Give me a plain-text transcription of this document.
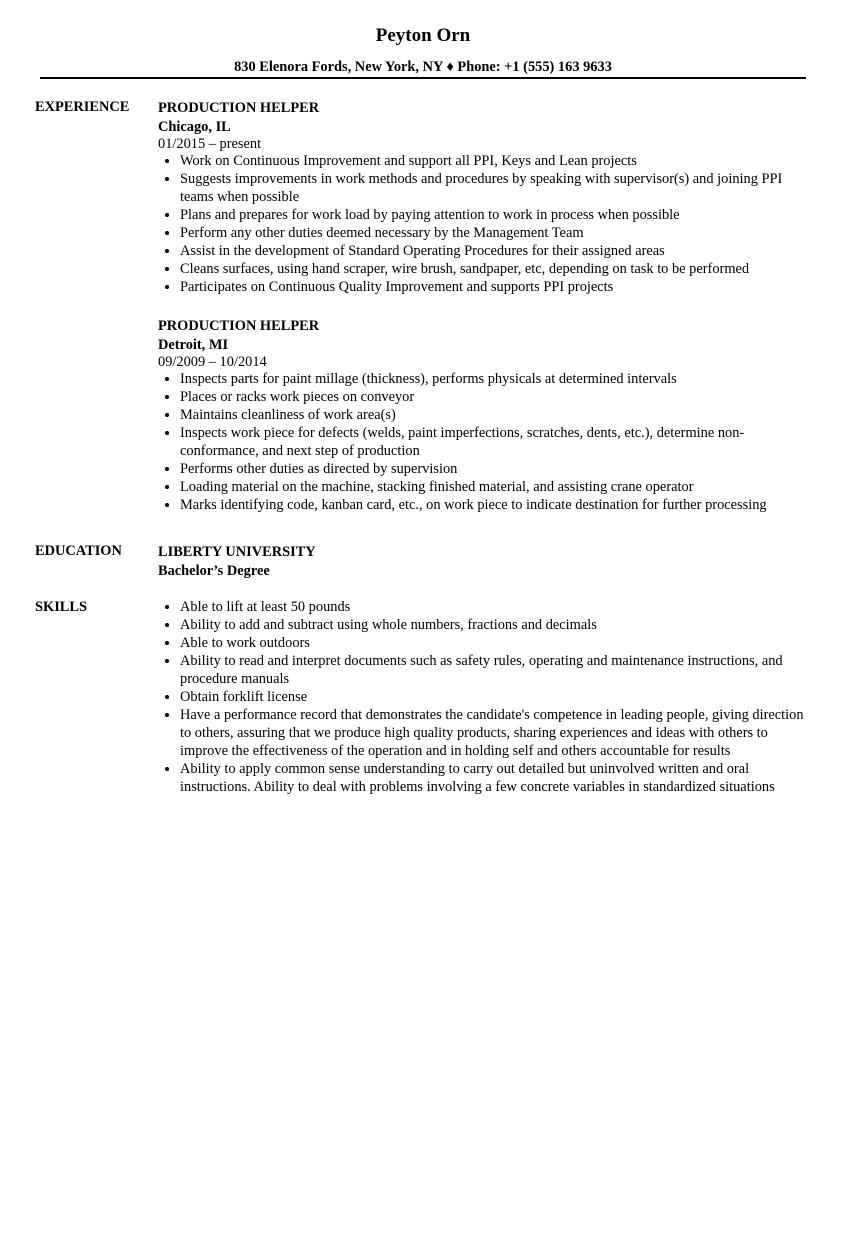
Peyton Orn
830 Elenora Fords, New York, NY ♦ Phone: +1 (555) 163 9633
EXPERIENCE	PRODUCTION HELPER
Chicago, IL
01/2015 – present
Work on Continuous Improvement and support all PPI, Keys and Lean projects
Suggests improvements in work methods and procedures by speaking with supervisor(s) and joining PPI teams when possible
Plans and prepares for work load by paying attention to work in process when possible
Perform any other duties deemed necessary by the Management Team
Assist in the development of Standard Operating Procedures for their assigned areas
Cleans surfaces, using hand scraper, wire brush, sandpaper, etc, depending on task to be performed
Participates on Continuous Quality Improvement and supports PPI projects
PRODUCTION HELPER
Detroit, MI
09/2009 – 10/2014
Inspects parts for paint millage (thickness), performs physicals at determined intervals
Places or racks work pieces on conveyor
Maintains cleanliness of work area(s)
Inspects work piece for defects (welds, paint imperfections, scratches, dents, etc.), determine non-conformance, and next step of production
Performs other duties as directed by supervision
Loading material on the machine, stacking finished material, and assisting crane operator
Marks identifying code, kanban card, etc., on work piece to indicate destination for further processing
EDUCATION	LIBERTY UNIVERSITY
Bachelor’s Degree
SKILLS	Able to lift at least 50 pounds
Ability to add and subtract using whole numbers, fractions and decimals
Able to work outdoors
Ability to read and interpret documents such as safety rules, operating and maintenance instructions, and procedure manuals
Obtain forklift license
Have a performance record that demonstrates the candidate's competence in leading people, giving direction to others, assuring that we produce high quality products, sharing experiences and ideas with others to improve the effectiveness of the operation and in holding self and others accountable for results
Ability to apply common sense understanding to carry out detailed but uninvolved written and oral instructions. Ability to deal with problems involving a few concrete variables in standardized situations
